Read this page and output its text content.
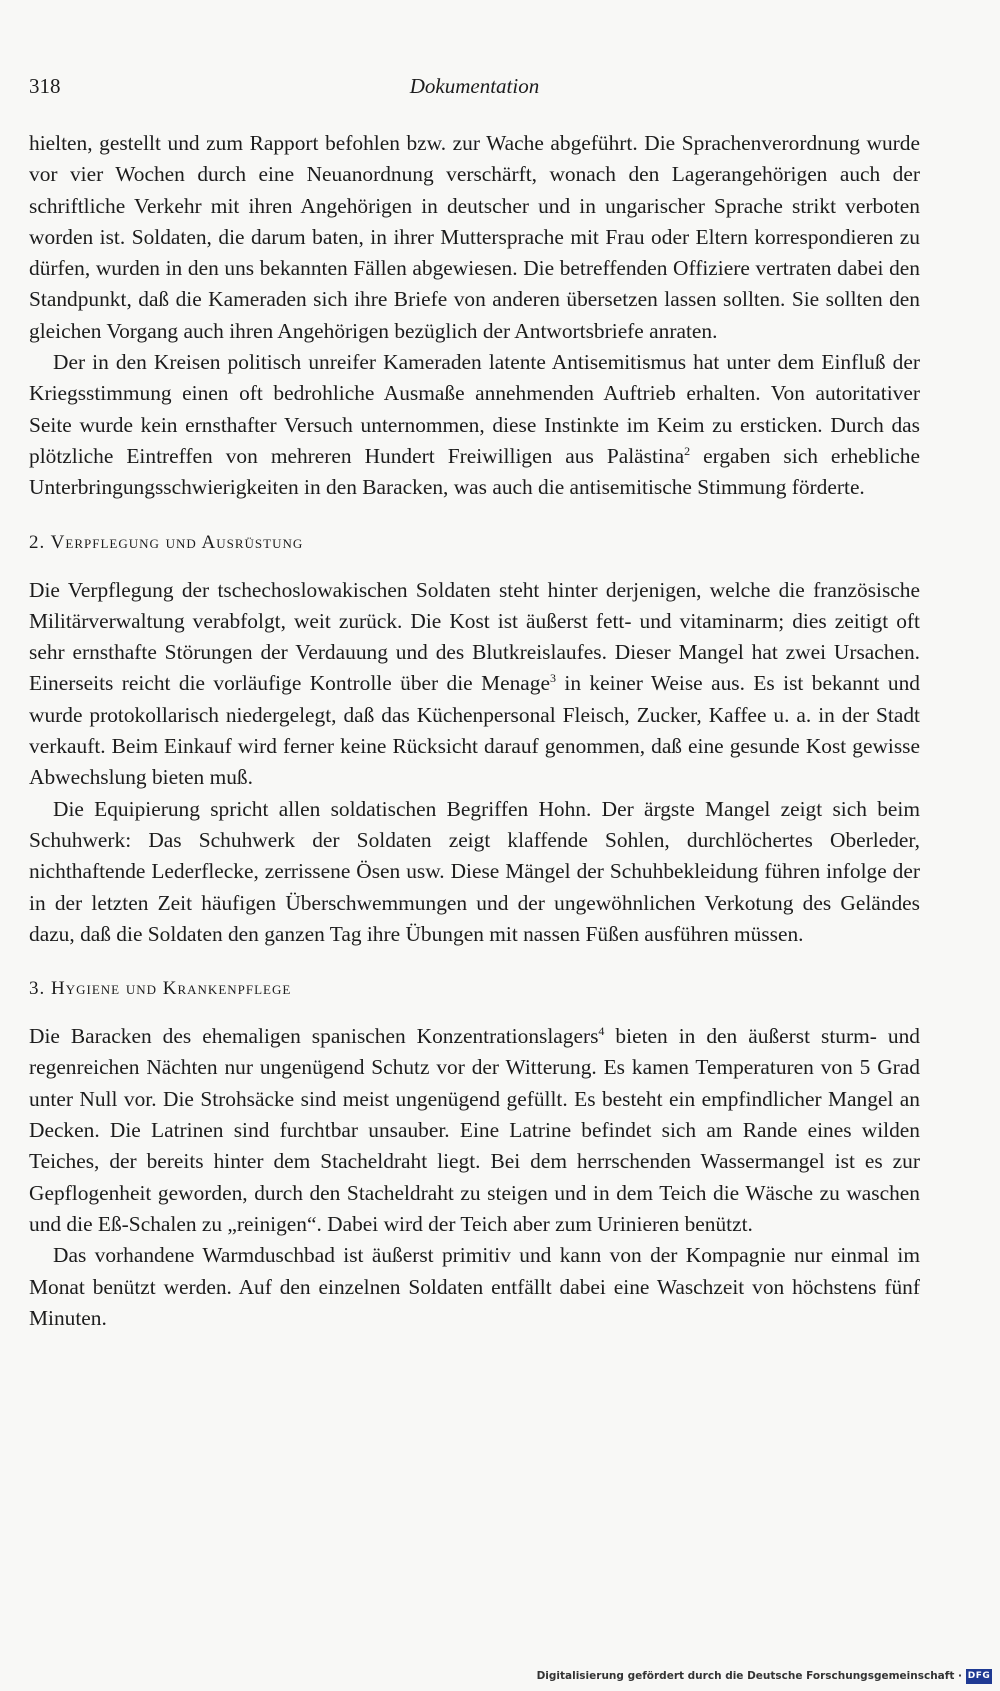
318	Dokumentation

hielten, gestellt und zum Rapport befohlen bzw. zur Wache abgeführt. Die Sprachenverordnung wurde vor vier Wochen durch eine Neuanordnung verschärft, wonach den Lagerangehörigen auch der schriftliche Verkehr mit ihren Angehörigen in deutscher und in ungarischer Sprache strikt verboten worden ist. Soldaten, die darum baten, in ihrer Muttersprache mit Frau oder Eltern korrespondieren zu dürfen, wurden in den uns bekannten Fällen abgewiesen. Die betreffenden Offiziere vertraten dabei den Standpunkt, daß die Kameraden sich ihre Briefe von anderen übersetzen lassen sollten. Sie sollten den gleichen Vorgang auch ihren Angehörigen bezüglich der Antwortsbriefe anraten.

Der in den Kreisen politisch unreifer Kameraden latente Antisemitismus hat unter dem Einfluß der Kriegsstimmung einen oft bedrohliche Ausmaße annehmenden Auftrieb erhalten. Von autoritativer Seite wurde kein ernsthafter Versuch unternommen, diese Instinkte im Keim zu ersticken. Durch das plötzliche Eintreffen von mehreren Hundert Freiwilligen aus Palästina$^2$ ergaben sich erhebliche Unterbringungsschwierigkeiten in den Baracken, was auch die antisemitische Stimmung förderte.

2. Verpflegung und Ausrüstung

Die Verpflegung der tschechoslowakischen Soldaten steht hinter derjenigen, welche die französische Militärverwaltung verabfolgt, weit zurück. Die Kost ist äußerst fett- und vitaminarm; dies zeitigt oft sehr ernsthafte Störungen der Verdauung und des Blutkreislaufes. Dieser Mangel hat zwei Ursachen. Einerseits reicht die vorläufige Kontrolle über die Menage$^3$ in keiner Weise aus. Es ist bekannt und wurde protokollarisch niedergelegt, daß das Küchenpersonal Fleisch, Zucker, Kaffee u. a. in der Stadt verkauft. Beim Einkauf wird ferner keine Rücksicht darauf genommen, daß eine gesunde Kost gewisse Abwechslung bieten muß.

Die Equipierung spricht allen soldatischen Begriffen Hohn. Der ärgste Mangel zeigt sich beim Schuhwerk: Das Schuhwerk der Soldaten zeigt klaffende Sohlen, durchlöchertes Oberleder, nichthaftende Lederflecke, zerrissene Ösen usw. Diese Mängel der Schuhbekleidung führen infolge der in der letzten Zeit häufigen Überschwemmungen und der ungewöhnlichen Verkotung des Geländes dazu, daß die Soldaten den ganzen Tag ihre Übungen mit nassen Füßen ausführen müssen.

3. Hygiene und Krankenpflege

Die Baracken des ehemaligen spanischen Konzentrationslagers$^4$ bieten in den äußerst sturm- und regenreichen Nächten nur ungenügend Schutz vor der Witterung. Es kamen Temperaturen von 5 Grad unter Null vor. Die Strohsäcke sind meist ungenügend gefüllt. Es besteht ein empfindlicher Mangel an Decken. Die Latrinen sind furchtbar unsauber. Eine Latrine befindet sich am Rande eines wilden Teiches, der bereits hinter dem Stacheldraht liegt. Bei dem herrschenden Wassermangel ist es zur Gepflogenheit geworden, durch den Stacheldraht zu steigen und in dem Teich die Wäsche zu waschen und die Eß-Schalen zu „reinigen“. Dabei wird der Teich aber zum Urinieren benützt.

Das vorhandene Warmduschbad ist äußerst primitiv und kann von der Kompagnie nur einmal im Monat benützt werden. Auf den einzelnen Soldaten entfällt dabei eine Waschzeit von höchstens fünf Minuten.

Digitalisierung gefördert durch die Deutsche Forschungsgemeinschaft · DFG
